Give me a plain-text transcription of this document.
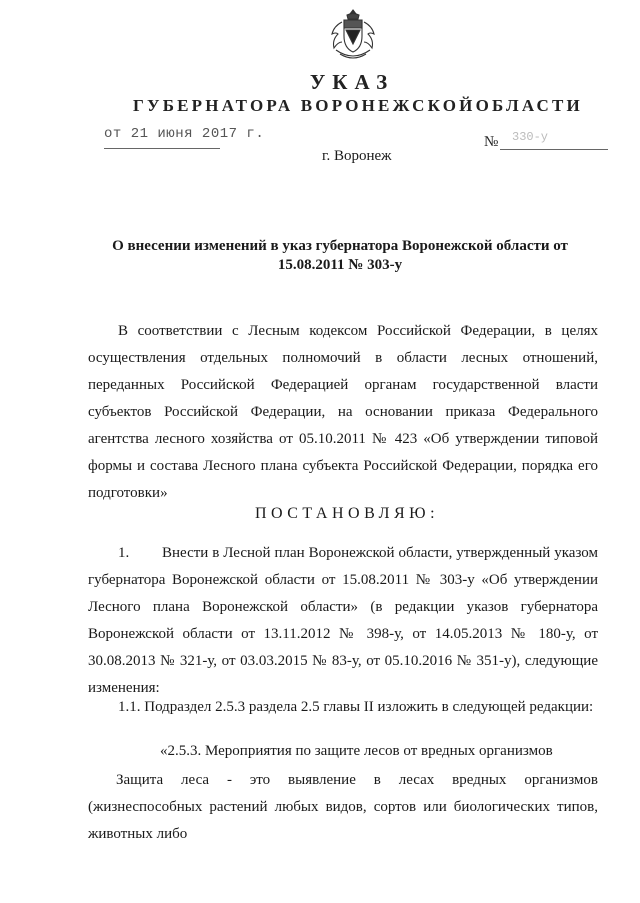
УКАЗ
ГУБЕРНАТОРА ВОРОНЕЖСКОЙОБЛАСТИ
от 21 июня 2017 г.	№ 330-у
г. Воронеж
О внесении изменений в указ губернатора Воронежской области от
15.08.2011 № 303-у
В соответствии с Лесным кодексом Российской Федерации, в целях осуществления отдельных полномочий в области лесных отношений, переданных Российской Федерацией органам государственной власти субъектов Российской Федерации, на основании приказа Федерального агентства лесного хозяйства от 05.10.2011 № 423 «Об утверждении типовой формы и состава Лесного плана субъекта Российской Федерации, порядка его подготовки»
ПОСТАНОВЛЯЮ:
1. Внести в Лесной план Воронежской области, утвержденный указом губернатора Воронежской области от 15.08.2011 № 303-у «Об утверждении Лесного плана Воронежской области» (в редакции указов губернатора Воронежской области от 13.11.2012 № 398-у, от 14.05.2013 № 180-у, от 30.08.2013 № 321-у, от 03.03.2015 № 83-у, от 05.10.2016 № 351-у), следующие изменения:
1.1. Подраздел 2.5.3 раздела 2.5 главы II изложить в следующей редакции:
«2.5.3. Мероприятия по защите лесов от вредных организмов
Защита леса - это выявление в лесах вредных организмов (жизнеспособных растений любых видов, сортов или биологических типов, животных либо
